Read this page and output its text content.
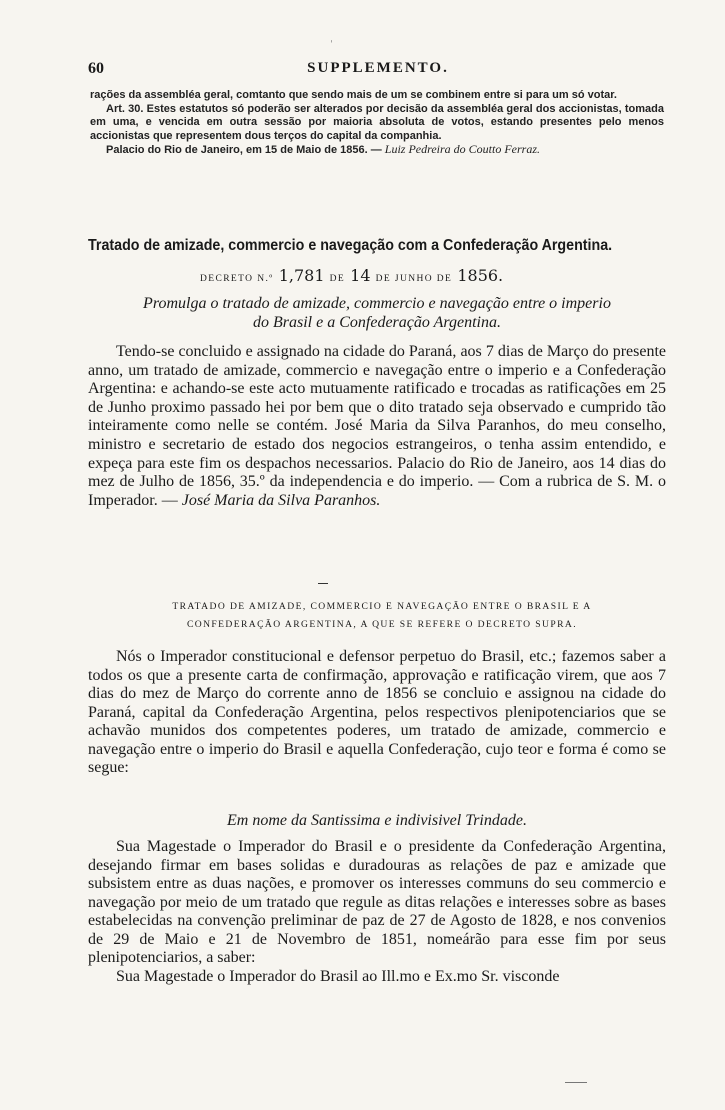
ˈ
60	SUPPLEMENTO.

rações da assembléa geral, comtanto que sendo mais de um se combinem entre si para um só votar.

Art. 30. Estes estatutos só poderão ser alterados por decisão da assembléa geral dos accionistas, tomada em uma, e vencida em outra sessão por maioria absoluta de votos, estando presentes pelo menos accionistas que representem dous terços do capital da companhia.

Palacio do Rio de Janeiro, em 15 de Maio de 1856. — Luiz Pedreira do Coutto Ferraz.

Tratado de amizade, commercio e navegação com a Confederação Argentina.
DECRETO N.º 1,781 DE 14 DE JUNHO DE 1856.
Promulga o tratado de amizade, commercio e navegação entre o imperio
do Brasil e a Confederação Argentina.

Tendo-se concluido e assignado na cidade do Paraná, aos 7 dias de Março do presente anno, um tratado de amizade, commercio e navegação entre o imperio e a Confederação Argentina: e achando-se este acto mutuamente ratificado e trocadas as ratificações em 25 de Junho proximo passado hei por bem que o dito tratado seja observado e cumprido tão inteiramente como nelle se contém. José Maria da Silva Paranhos, do meu conselho, ministro e secretario de estado dos negocios estrangeiros, o tenha assim entendido, e expeça para este fim os despachos necessarios. Palacio do Rio de Janeiro, aos 14 dias do mez de Julho de 1856, 35.º da independencia e do imperio. — Com a rubrica de S. M. o Imperador. — José Maria da Silva Paranhos.

TRATADO DE AMIZADE, COMMERCIO E NAVEGAÇÃO ENTRE O BRASIL E A
CONFEDERAÇÃO ARGENTINA, A QUE SE REFERE O DECRETO SUPRA.

Nós o Imperador constitucional e defensor perpetuo do Brasil, etc.; fazemos saber a todos os que a presente carta de confirmação, approvação e ratificação virem, que aos 7 dias do mez de Março do corrente anno de 1856 se concluio e assignou na cidade do Paraná, capital da Confederação Argentina, pelos respectivos plenipotenciarios que se achavão munidos dos competentes poderes, um tratado de amizade, commercio e navegação entre o imperio do Brasil e aquella Confederação, cujo teor e forma é como se segue:

Em nome da Santissima e indivisivel Trindade.

Sua Magestade o Imperador do Brasil e o presidente da Confederação Argentina, desejando firmar em bases solidas e duradouras as relações de paz e amizade que subsistem entre as duas nações, e promover os interesses communs do seu commercio e navegação por meio de um tratado que regule as ditas relações e interesses sobre as bases estabelecidas na convenção preliminar de paz de 27 de Agosto de 1828, e nos convenios de 29 de Maio e 21 de Novembro de 1851, nomeárão para esse fim por seus plenipotenciarios, a saber:

Sua Magestade o Imperador do Brasil ao Ill.mo e Ex.mo Sr. visconde
